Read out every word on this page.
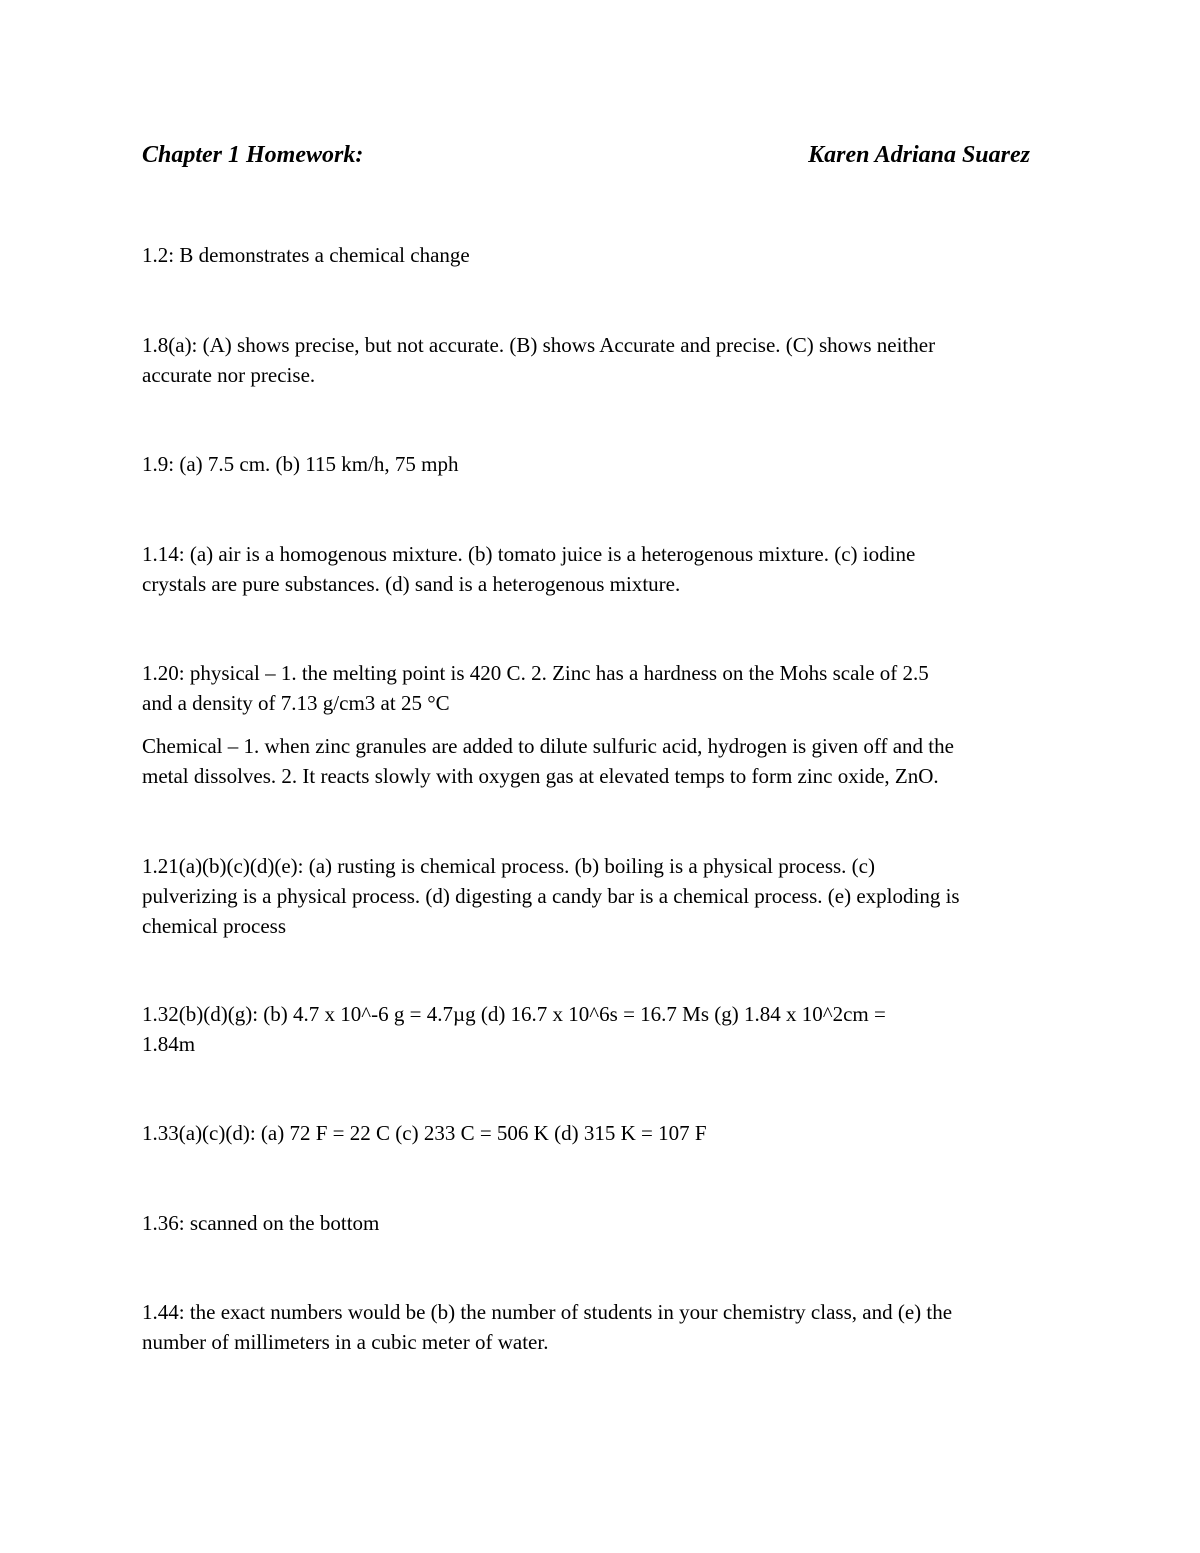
Chapter 1 Homework:	Karen Adriana Suarez
1.2: B demonstrates a chemical change
1.8(a): (A) shows precise, but not accurate. (B) shows Accurate and precise. (C) shows neither
accurate nor precise.
1.9: (a) 7.5 cm. (b) 115 km/h, 75 mph
1.14: (a) air is a homogenous mixture. (b) tomato juice is a heterogenous mixture. (c) iodine
crystals are pure substances. (d) sand is a heterogenous mixture.
1.20: physical – 1. the melting point is 420 C. 2. Zinc has a hardness on the Mohs scale of 2.5
and a density of 7.13 g/cm3 at 25 °C
Chemical – 1. when zinc granules are added to dilute sulfuric acid, hydrogen is given off and the
metal dissolves. 2. It reacts slowly with oxygen gas at elevated temps to form zinc oxide, ZnO.
1.21(a)(b)(c)(d)(e): (a) rusting is chemical process. (b) boiling is a physical process. (c)
pulverizing is a physical process. (d) digesting a candy bar is a chemical process. (e) exploding is
chemical process
1.32(b)(d)(g): (b) 4.7 x 10^-6 g = 4.7µg (d) 16.7 x 10^6s = 16.7 Ms (g) 1.84 x 10^2cm =
1.84m
1.33(a)(c)(d): (a) 72 F = 22 C (c) 233 C = 506 K (d) 315 K = 107 F
1.36: scanned on the bottom
1.44: the exact numbers would be (b) the number of students in your chemistry class, and (e) the
number of millimeters in a cubic meter of water.
